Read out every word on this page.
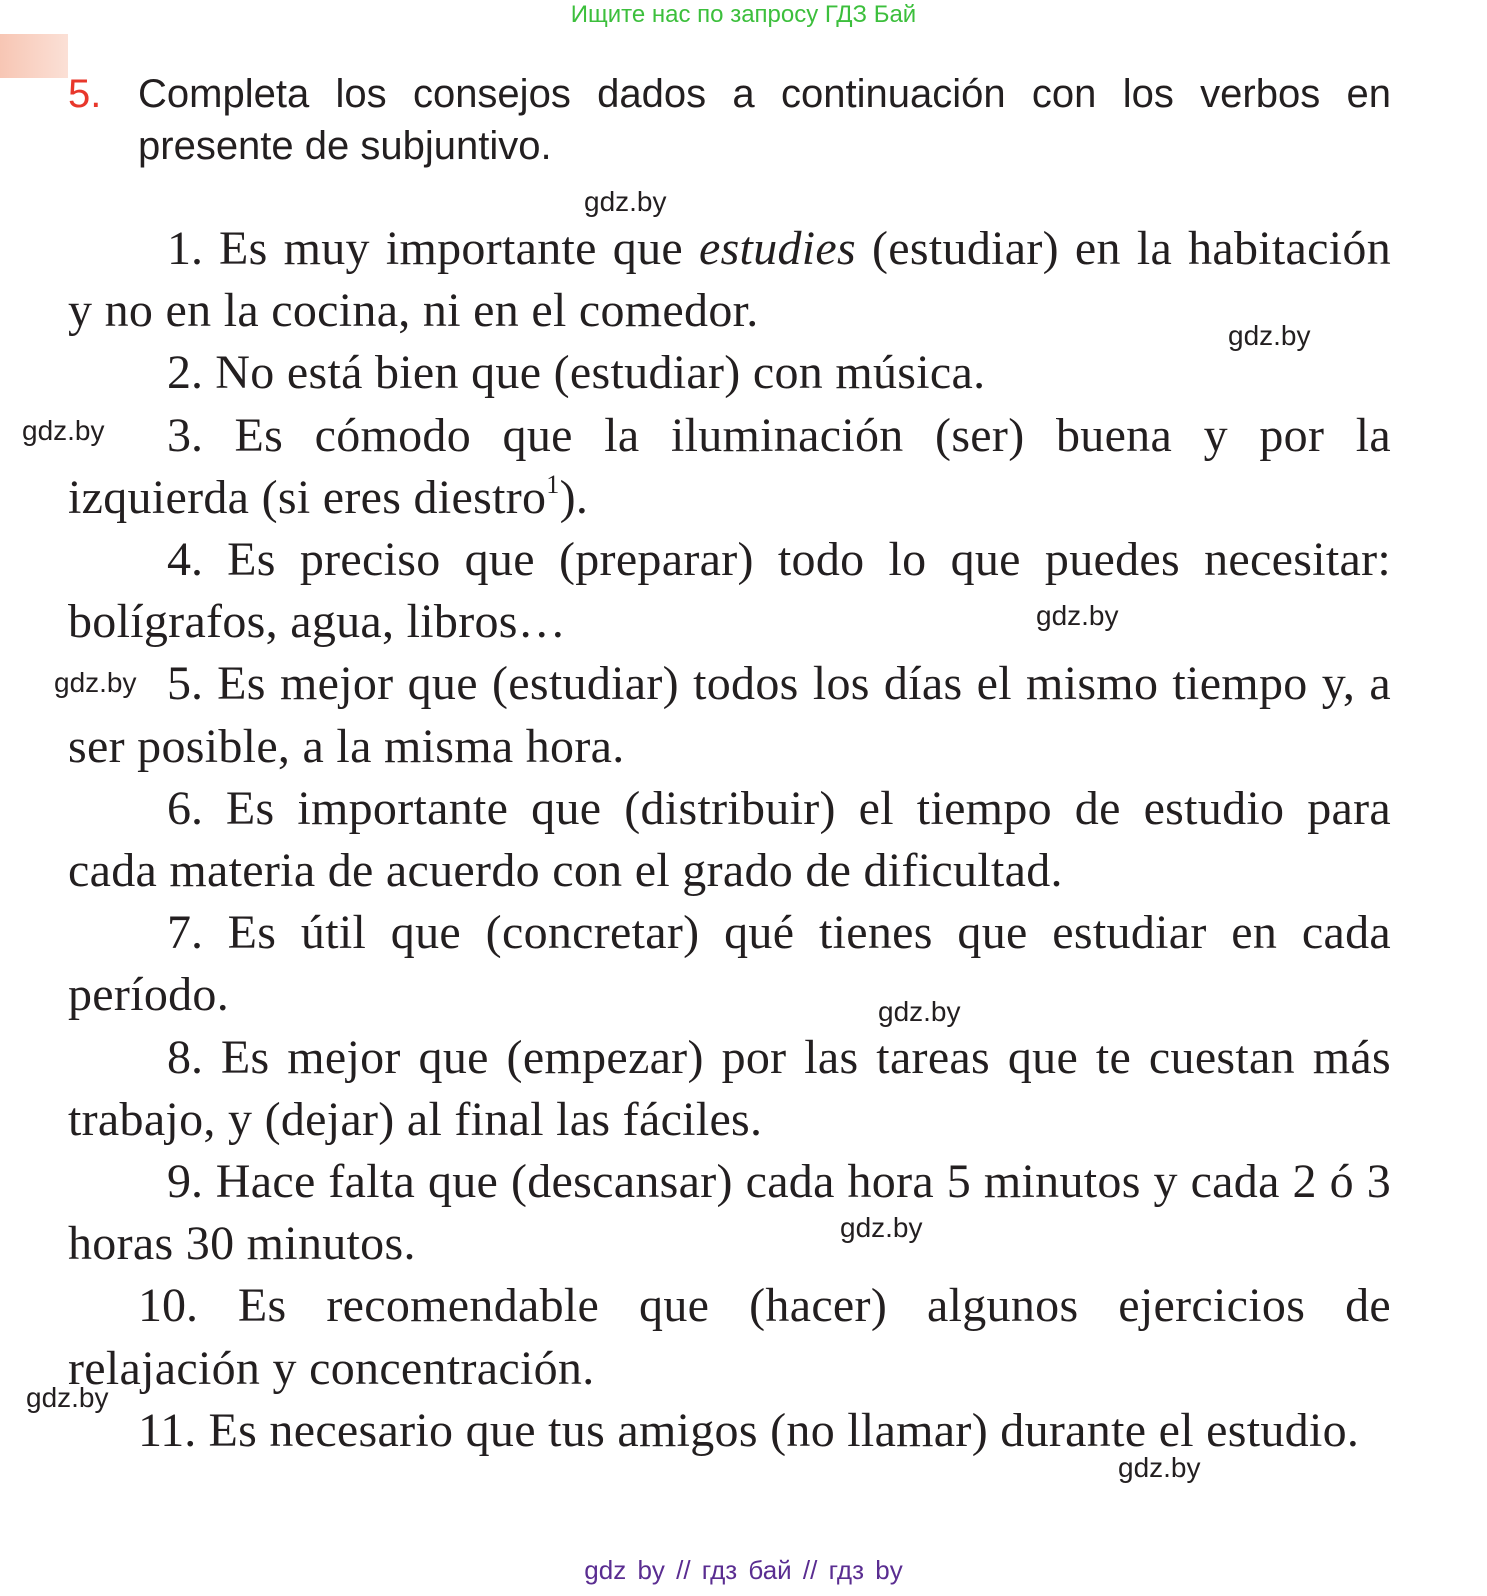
Ищите нас по запросу ГДЗ Бай
5. Completa los consejos dados a continuación con los verbos en presente de subjuntivo.

1. Es muy importante que estudies (estudiar) en la habitación y no en la cocina, ni en el comedor.

2. No está bien que (estudiar) con música.

3. Es cómodo que la iluminación (ser) buena y por la izquierda (si eres diestro$^1$).

4. Es preciso que (preparar) todo lo que puedes necesitar: bolígrafos, agua, libros…

5. Es mejor que (estudiar) todos los días el mismo tiempo y, a ser posible, a la misma hora.

6. Es importante que (distribuir) el tiempo de estudio para cada materia de acuerdo con el grado de dificultad.

7. Es útil que (concretar) qué tienes que estudiar en cada período.

8. Es mejor que (empezar) por las tareas que te cuestan más trabajo, y (dejar) al final las fáciles.

9. Hace falta que (descansar) cada hora 5 minutos y cada 2 ó 3 horas 30 minutos.

10. Es recomendable que (hacer) algunos ejercicios de relajación y concentración.

11. Es necesario que tus amigos (no llamar) durante el estudio.

gdz.by
gdz.by
gdz.by
gdz.by
gdz.by
gdz.by
gdz.by
gdz.by
gdz.by
gdz by // гдз бай // гдз by
